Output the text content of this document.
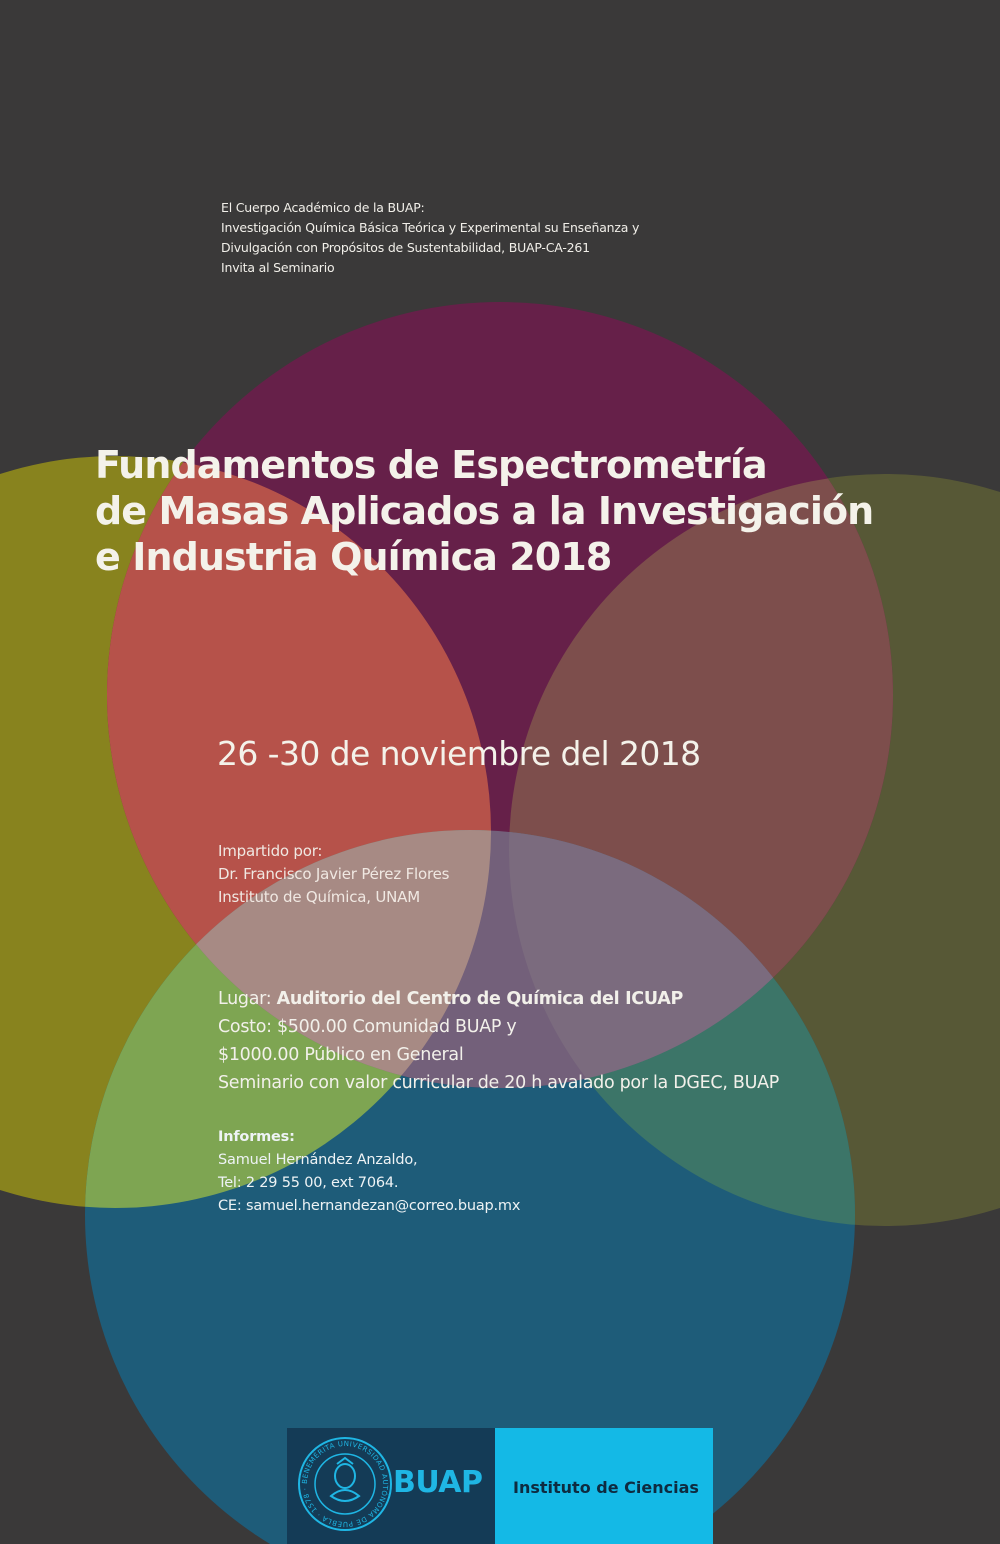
El Cuerpo Académico de la BUAP:
Investigación Química Básica Teórica y Experimental su Enseñanza y
Divulgación con Propósitos de Sustentabilidad, BUAP-CA-261
Invita al Seminario
Fundamentos de Espectrometría
de Masas Aplicados a la Investigación
e Industria Química 2018
26 -30 de noviembre del 2018
Impartido por:
Dr. Francisco Javier Pérez Flores
Instituto de Química, UNAM
Lugar: Auditorio del Centro de Química del ICUAP
Costo: $500.00 Comunidad BUAP y
$1000.00 Público en General
Seminario con valor curricular de 20 h avalado por la DGEC, BUAP
Informes:
Samuel Hernández Anzaldo,
Tel: 2 29 55 00, ext 7064.
CE: samuel.hernandezan@correo.buap.mx
BENEMÉRITA UNIVERSIDAD AUTÓNOMA DE PUEBLA · 1578 ·	BUAP Instituto de Ciencias
